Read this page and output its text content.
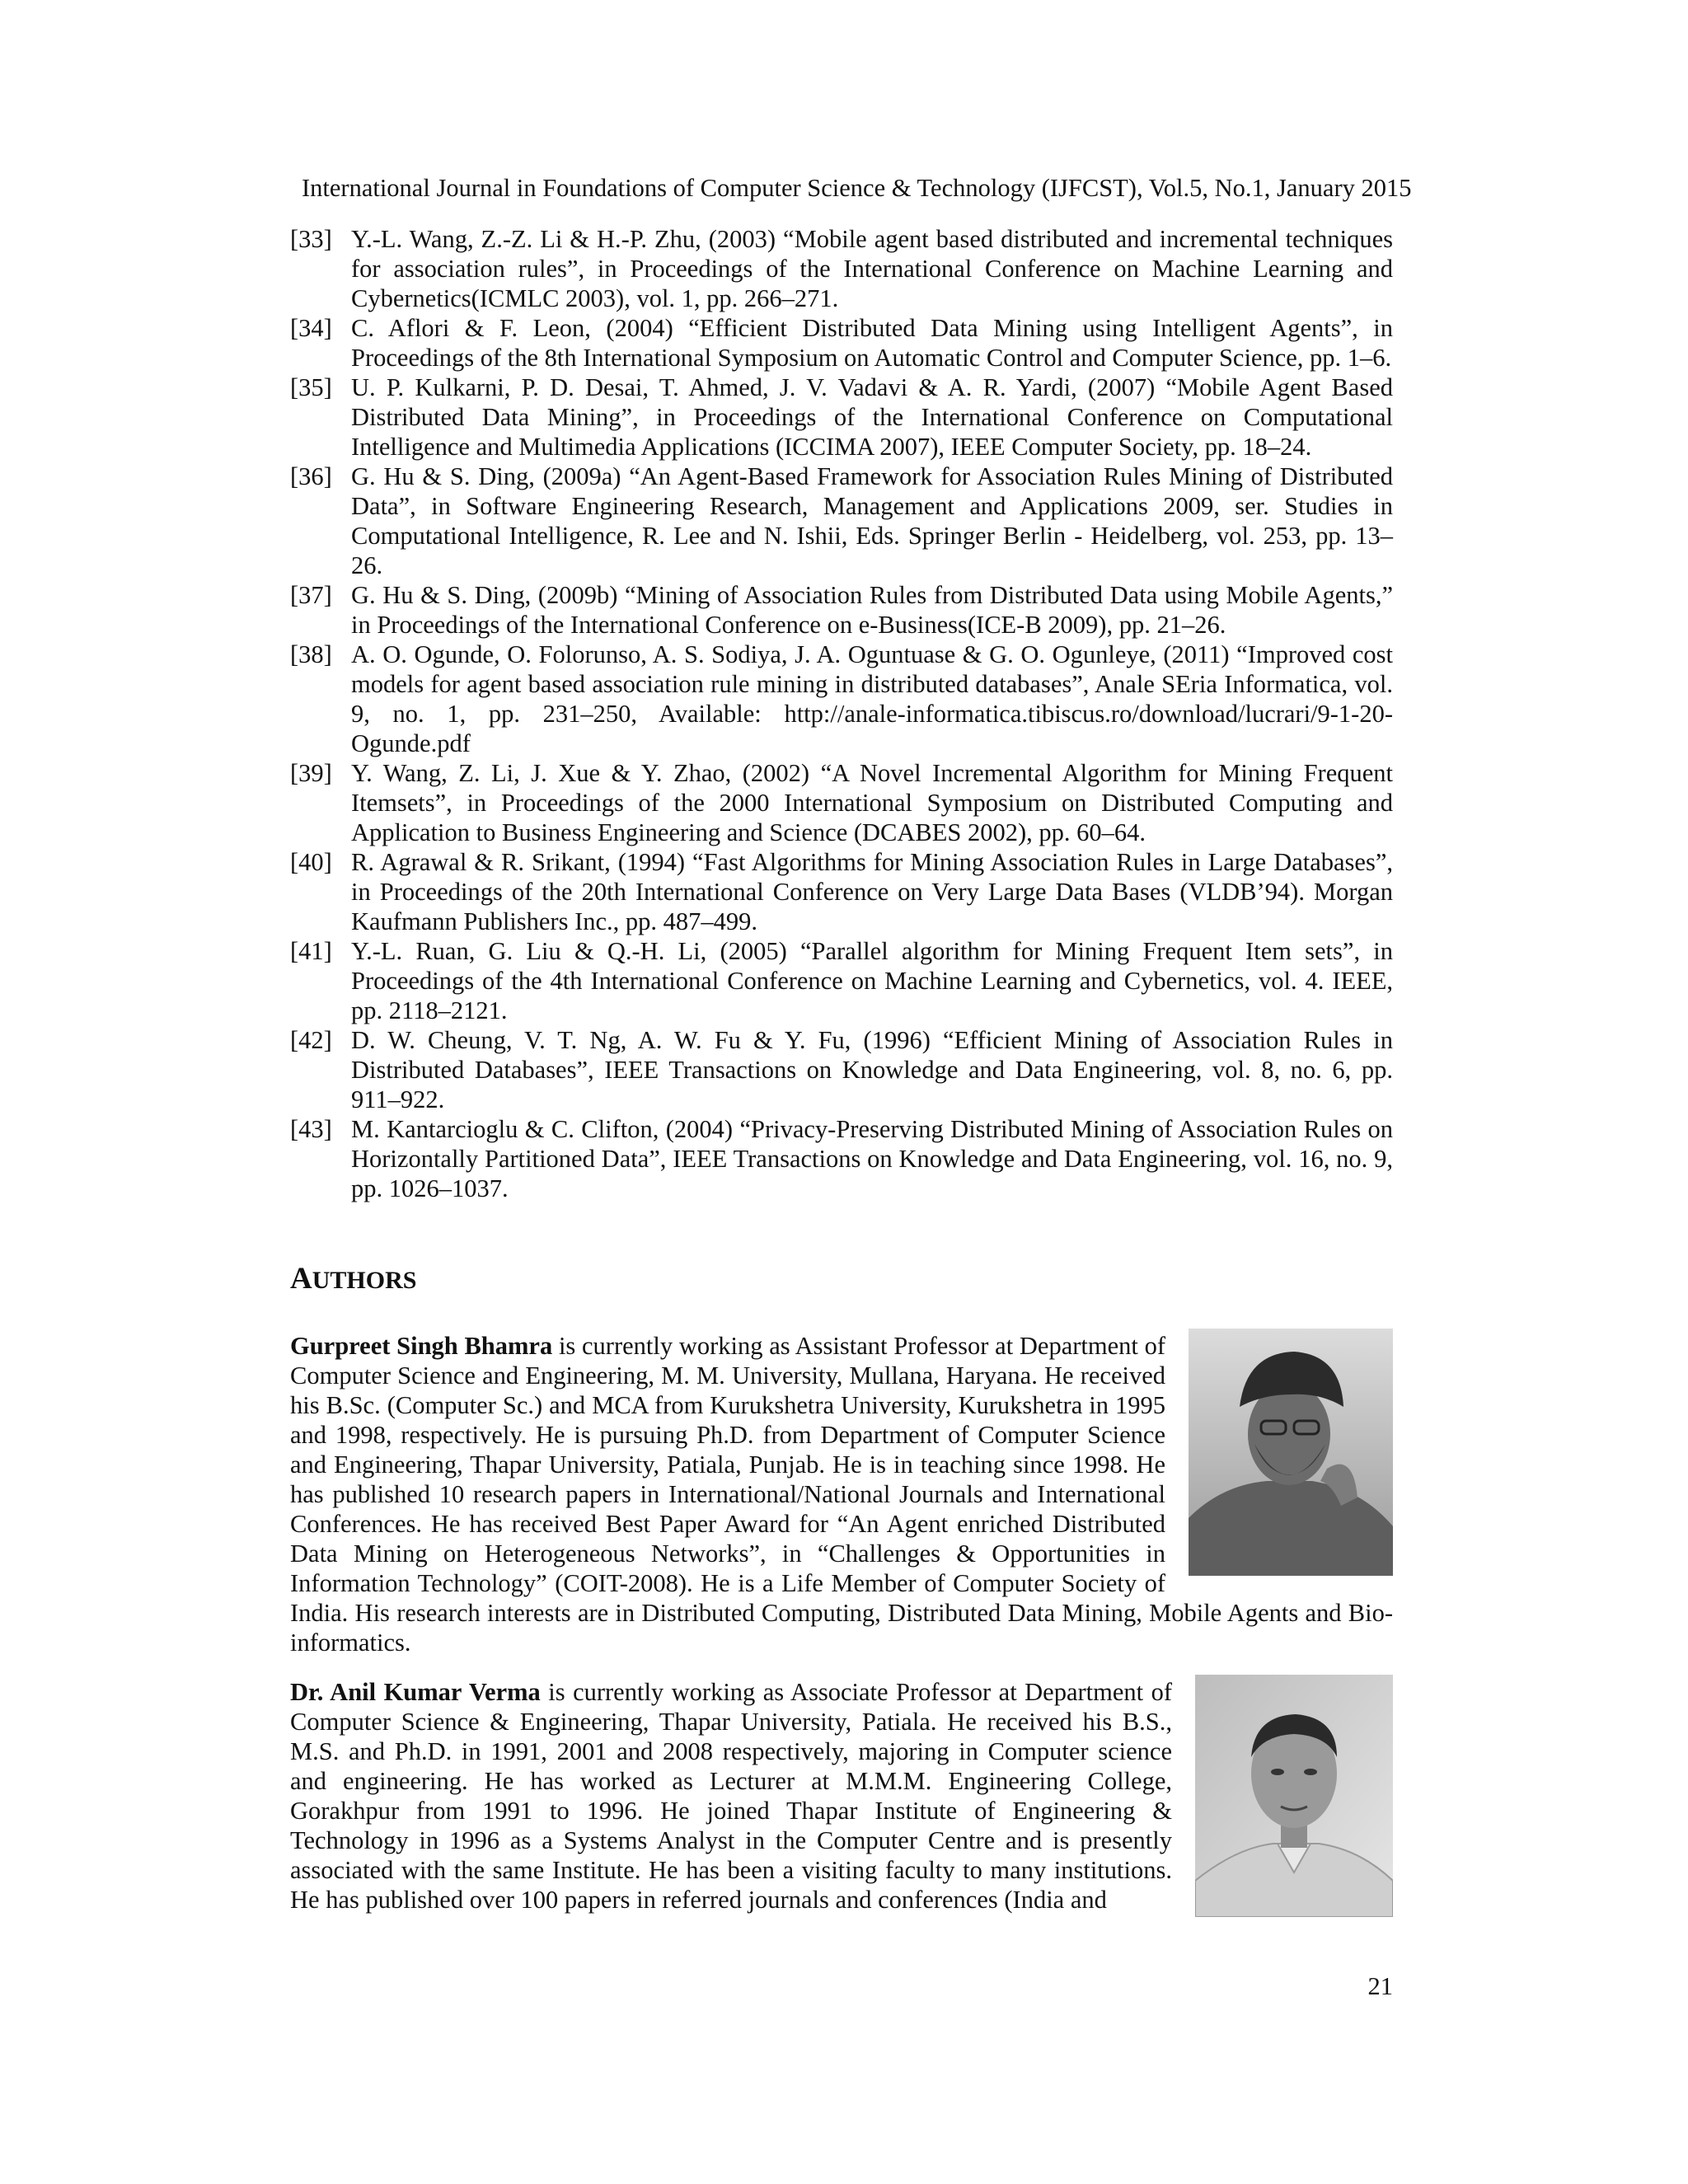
International Journal in Foundations of Computer Science & Technology (IJFCST), Vol.5, No.1, January 2015
[33] Y.-L. Wang, Z.-Z. Li & H.-P. Zhu, (2003) “Mobile agent based distributed and incremental techniques for association rules”, in Proceedings of the International Conference on Machine Learning and Cybernetics(ICMLC 2003), vol. 1, pp. 266–271.
[34] C. Aflori & F. Leon, (2004) “Efficient Distributed Data Mining using Intelligent Agents”, in Proceedings of the 8th International Symposium on Automatic Control and Computer Science, pp. 1–6.
[35] U. P. Kulkarni, P. D. Desai, T. Ahmed, J. V. Vadavi & A. R. Yardi, (2007) “Mobile Agent Based Distributed Data Mining”, in Proceedings of the International Conference on Computational Intelligence and Multimedia Applications (ICCIMA 2007), IEEE Computer Society, pp. 18–24.
[36] G. Hu & S. Ding, (2009a) “An Agent-Based Framework for Association Rules Mining of Distributed Data”, in Software Engineering Research, Management and Applications 2009, ser. Studies in Computational Intelligence, R. Lee and N. Ishii, Eds. Springer Berlin - Heidelberg, vol. 253, pp. 13–26.
[37] G. Hu & S. Ding, (2009b) “Mining of Association Rules from Distributed Data using Mobile Agents,” in Proceedings of the International Conference on e-Business(ICE-B 2009), pp. 21–26.
[38] A. O. Ogunde, O. Folorunso, A. S. Sodiya, J. A. Oguntuase & G. O. Ogunleye, (2011) “Improved cost models for agent based association rule mining in distributed databases”, Anale SEria Informatica, vol. 9, no. 1, pp. 231–250, Available: http://anale-informatica.tibiscus.ro/download/lucrari/9-1-20-Ogunde.pdf
[39] Y. Wang, Z. Li, J. Xue & Y. Zhao, (2002) “A Novel Incremental Algorithm for Mining Frequent Itemsets”, in Proceedings of the 2000 International Symposium on Distributed Computing and Application to Business Engineering and Science (DCABES 2002), pp. 60–64.
[40] R. Agrawal & R. Srikant, (1994) “Fast Algorithms for Mining Association Rules in Large Databases”, in Proceedings of the 20th International Conference on Very Large Data Bases (VLDB’94). Morgan Kaufmann Publishers Inc., pp. 487–499.
[41] Y.-L. Ruan, G. Liu & Q.-H. Li, (2005) “Parallel algorithm for Mining Frequent Item sets”, in Proceedings of the 4th International Conference on Machine Learning and Cybernetics, vol. 4. IEEE, pp. 2118–2121.
[42] D. W. Cheung, V. T. Ng, A. W. Fu & Y. Fu, (1996) “Efficient Mining of Association Rules in Distributed Databases”, IEEE Transactions on Knowledge and Data Engineering, vol. 8, no. 6, pp. 911–922.
[43] M. Kantarcioglu & C. Clifton, (2004) “Privacy-Preserving Distributed Mining of Association Rules on Horizontally Partitioned Data”, IEEE Transactions on Knowledge and Data Engineering, vol. 16, no. 9, pp. 1026–1037.
AUTHORS
Gurpreet Singh Bhamra is currently working as Assistant Professor at Department of Computer Science and Engineering, M. M. University, Mullana, Haryana. He received his B.Sc. (Computer Sc.) and MCA from Kurukshetra University, Kurukshetra in 1995 and 1998, respectively. He is pursuing Ph.D. from Department of Computer Science and Engineering, Thapar University, Patiala, Punjab. He is in teaching since 1998. He has published 10 research papers in International/National Journals and International Conferences. He has received Best Paper Award for “An Agent enriched Distributed Data Mining on Heterogeneous Networks”, in “Challenges & Opportunities in Information Technology” (COIT-2008). He is a Life Member of Computer Society of India. His research interests are in Distributed Computing, Distributed Data Mining, Mobile Agents and Bio-informatics.
Dr. Anil Kumar Verma is currently working as Associate Professor at Department of Computer Science & Engineering, Thapar University, Patiala. He received his B.S., M.S. and Ph.D. in 1991, 2001 and 2008 respectively, majoring in Computer science and engineering. He has worked as Lecturer at M.M.M. Engineering College, Gorakhpur from 1991 to 1996. He joined Thapar Institute of Engineering & Technology in 1996 as a Systems Analyst in the Computer Centre and is presently associated with the same Institute. He has been a visiting faculty to many institutions. He has published over 100 papers in referred journals and conferences (India and
21
